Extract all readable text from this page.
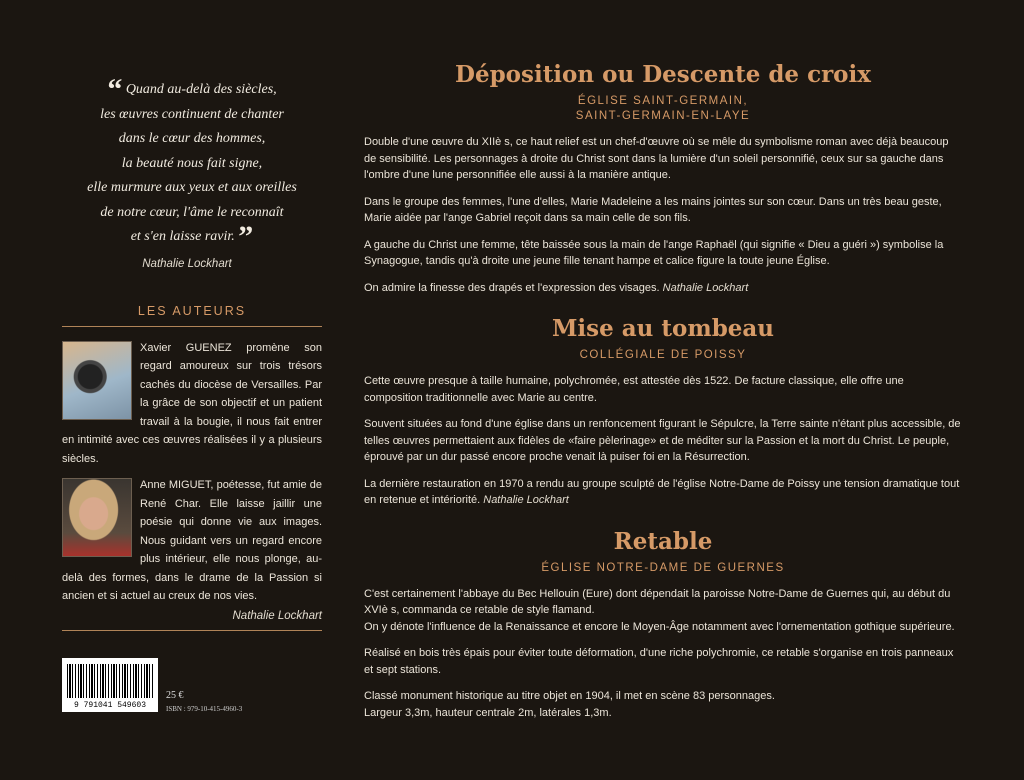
“ Quand au-delà des siècles,
les œuvres continuent de chanter
dans le cœur des hommes,
la beauté nous fait signe,
elle murmure aux yeux et aux oreilles
de notre cœur, l'âme le reconnaît
et s'en laisse ravir. ”
Nathalie Lockhart
LES AUTEURS
Xavier GUENEZ promène son regard amoureux sur trois trésors cachés du diocèse de Versailles. Par la grâce de son objectif et un patient travail à la bougie, il nous fait entrer en intimité avec ces œuvres réalisées il y a plusieurs siècles.
Anne MIGUET, poétesse, fut amie de René Char. Elle laisse jaillir une poésie qui donne vie aux images. Nous guidant vers un regard encore plus intérieur, elle nous plonge, au-delà des formes, dans le drame de la Passion si ancien et si actuel au creux de nos vies.
Nathalie Lockhart
9 791041 549603
25 €
ISBN : 979-10-415-4960-3
Déposition ou Descente de croix
ÉGLISE SAINT-GERMAIN,
SAINT-GERMAIN-EN-LAYE
Double d'une œuvre du XIIè s, ce haut relief est un chef-d'œuvre où se mêle du symbolisme roman avec déjà beaucoup de sensibilité. Les personnages à droite du Christ sont dans la lumière d'un soleil personnifié, ceux sur sa gauche dans l'ombre d'une lune personnifiée elle aussi à la manière antique.
Dans le groupe des femmes, l'une d'elles, Marie Madeleine a les mains jointes sur son cœur. Dans un très beau geste, Marie aidée par l'ange Gabriel reçoit dans sa main celle de son fils.
A gauche du Christ une femme, tête baissée sous la main de l'ange Raphaël (qui signifie « Dieu a guéri ») symbolise la Synagogue, tandis qu'à droite une jeune fille tenant hampe et calice figure la toute jeune Église.
On admire la finesse des drapés et l'expression des visages. Nathalie Lockhart
Mise au tombeau
COLLÉGIALE DE POISSY
Cette œuvre presque à taille humaine, polychromée, est attestée dès 1522. De facture classique, elle offre une composition traditionnelle avec Marie au centre.
Souvent situées au fond d'une église dans un renfoncement figurant le Sépulcre, la Terre sainte n'étant plus accessible, de telles œuvres permettaient aux fidèles de «faire pèlerinage» et de méditer sur la Passion et la mort du Christ. Le peuple, éprouvé par un dur passé encore proche venait là puiser foi en la Résurrection.
La dernière restauration en 1970 a rendu au groupe sculpté de l'église Notre-Dame de Poissy une tension dramatique tout en retenue et intériorité. Nathalie Lockhart
Retable
ÉGLISE NOTRE-DAME DE GUERNES
C'est certainement l'abbaye du Bec Hellouin (Eure) dont dépendait la paroisse Notre-Dame de Guernes qui, au début du XVIè s, commanda ce retable de style flamand.
On y dénote l'influence de la Renaissance et encore le Moyen-Âge notamment avec l'ornementation gothique supérieure.
Réalisé en bois très épais pour éviter toute déformation, d'une riche polychromie, ce retable s'organise en trois panneaux et sept stations.
Classé monument historique au titre objet en 1904, il met en scène 83 personnages.
Largeur 3,3m, hauteur centrale 2m, latérales 1,3m.
